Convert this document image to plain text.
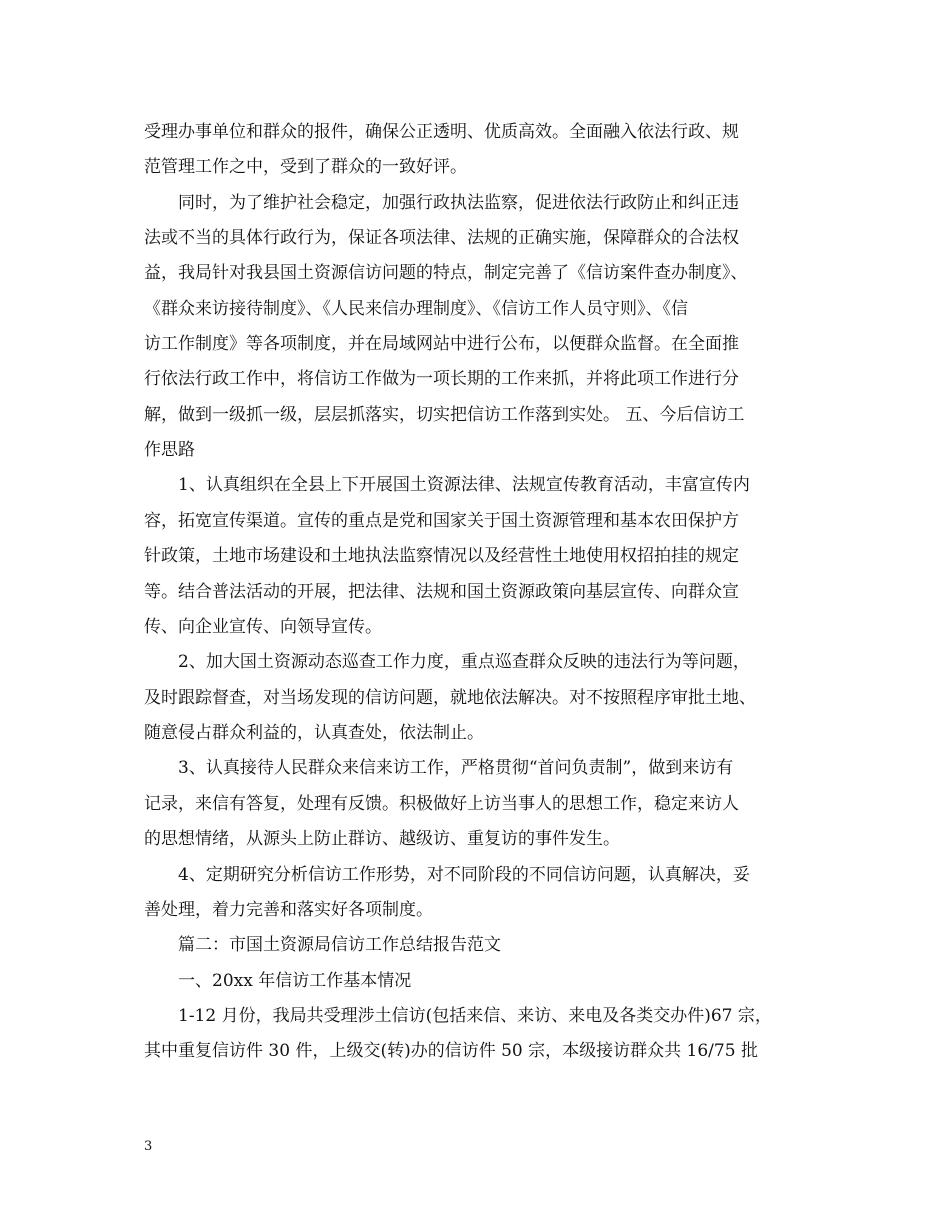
受理办事单位和群众的报件，确保公正透明、优质高效。全面融入依法行政、规
范管理工作之中，受到了群众的一致好评。
同时，为了维护社会稳定，加强行政执法监察，促进依法行政防止和纠正违
法或不当的具体行政行为，保证各项法律、法规的正确实施，保障群众的合法权
益，我局针对我县国土资源信访问题的特点，制定完善了《信访案件查办制度》、
《群众来访接待制度》、《人民来信办理制度》、《信访工作人员守则》、《信
访工作制度》等各项制度，并在局域网站中进行公布，以便群众监督。在全面推
行依法行政工作中，将信访工作做为一项长期的工作来抓，并将此项工作进行分
解，做到一级抓一级，层层抓落实，切实把信访工作落到实处。 五、今后信访工
作思路
1、认真组织在全县上下开展国土资源法律、法规宣传教育活动，丰富宣传内
容，拓宽宣传渠道。宣传的重点是党和国家关于国土资源管理和基本农田保护方
针政策，土地市场建设和土地执法监察情况以及经营性土地使用权招拍挂的规定
等。结合普法活动的开展，把法律、法规和国土资源政策向基层宣传、向群众宣
传、向企业宣传、向领导宣传。
2、加大国土资源动态巡查工作力度，重点巡查群众反映的违法行为等问题，
及时跟踪督查，对当场发现的信访问题，就地依法解决。对不按照程序审批土地、
随意侵占群众利益的，认真查处，依法制止。
3、认真接待人民群众来信来访工作，严格贯彻“首问负责制”，做到来访有
记录，来信有答复，处理有反馈。积极做好上访当事人的思想工作，稳定来访人
的思想情绪，从源头上防止群访、越级访、重复访的事件发生。
4、定期研究分析信访工作形势，对不同阶段的不同信访问题，认真解决，妥
善处理，着力完善和落实好各项制度。
篇二：市国土资源局信访工作总结报告范文
一、20xx 年信访工作基本情况
1-12 月份，我局共受理涉土信访(包括来信、来访、来电及各类交办件)67 宗，
其中重复信访件 30 件，上级交(转)办的信访件 50 宗，本级接访群众共 16/75 批
3
